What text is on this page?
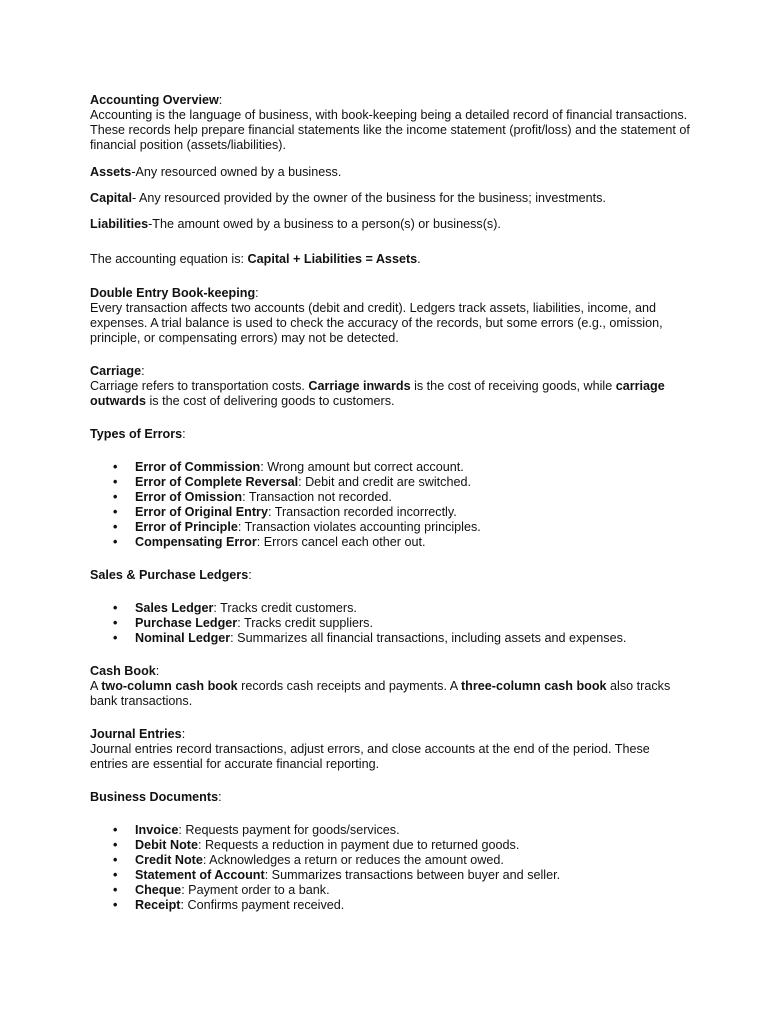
Accounting Overview:

Accounting is the language of business, with book-keeping being a detailed record of financial transactions. These records help prepare financial statements like the income statement (profit/loss) and the statement of financial position (assets/liabilities).

Assets-Any resourced owned by a business.

Capital- Any resourced provided by the owner of the business for the business; investments.

Liabilities-The amount owed by a business to a person(s) or business(s).

The accounting equation is: Capital + Liabilities = Assets.

Double Entry Book-keeping:

Every transaction affects two accounts (debit and credit). Ledgers track assets, liabilities, income, and expenses. A trial balance is used to check the accuracy of the records, but some errors (e.g., omission, principle, or compensating errors) may not be detected.

Carriage:

Carriage refers to transportation costs. Carriage inwards is the cost of receiving goods, while carriage outwards is the cost of delivering goods to customers.

Types of Errors:

• Error of Commission: Wrong amount but correct account.
• Error of Complete Reversal: Debit and credit are switched.
• Error of Omission: Transaction not recorded.
• Error of Original Entry: Transaction recorded incorrectly.
• Error of Principle: Transaction violates accounting principles.
• Compensating Error: Errors cancel each other out.

Sales & Purchase Ledgers:

• Sales Ledger: Tracks credit customers.
• Purchase Ledger: Tracks credit suppliers.
• Nominal Ledger: Summarizes all financial transactions, including assets and expenses.

Cash Book:

A two-column cash book records cash receipts and payments. A three-column cash book also tracks bank transactions.

Journal Entries:

Journal entries record transactions, adjust errors, and close accounts at the end of the period. These entries are essential for accurate financial reporting.

Business Documents:

• Invoice: Requests payment for goods/services.
• Debit Note: Requests a reduction in payment due to returned goods.
• Credit Note: Acknowledges a return or reduces the amount owed.
• Statement of Account: Summarizes transactions between buyer and seller.
• Cheque: Payment order to a bank.
• Receipt: Confirms payment received.
